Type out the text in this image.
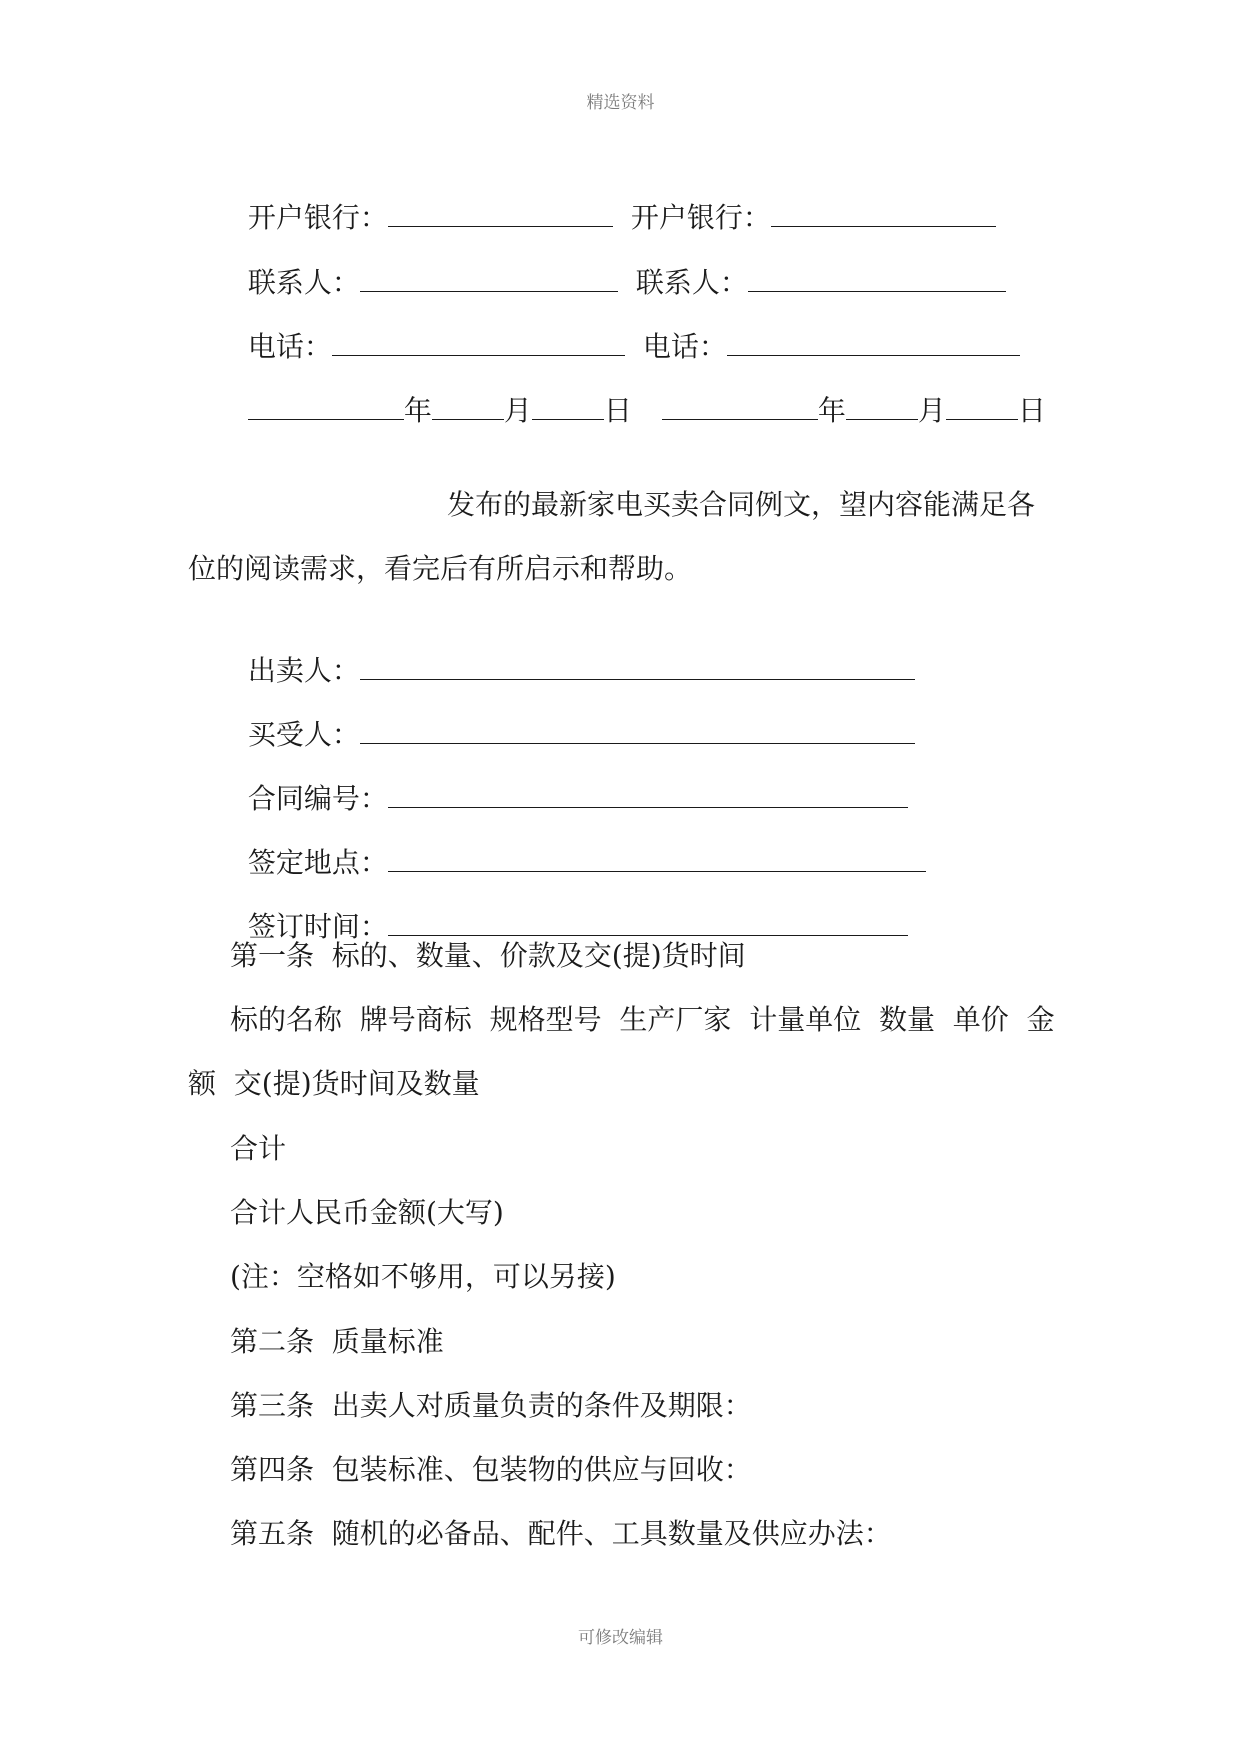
精选资料

开户银行：	开户银行：

联系人：	联系人：

电话：	电话：

年	月	日	年	月	日

发布的最新家电买卖合同例文，望内容能满足各
位的阅读需求，看完后有所启示和帮助。

出卖人：

买受人：

合同编号：

签定地点：

签订时间：

第一条  标的、数量、价款及交(提)货时间
标的名称  牌号商标  规格型号  生产厂家  计量单位  数量  单价  金
额  交(提)货时间及数量
合计
合计人民币金额(大写)
(注：空格如不够用，可以另接)
第二条  质量标准
第三条  出卖人对质量负责的条件及期限：
第四条  包装标准、包装物的供应与回收：
第五条  随机的必备品、配件、工具数量及供应办法：
可修改编辑
